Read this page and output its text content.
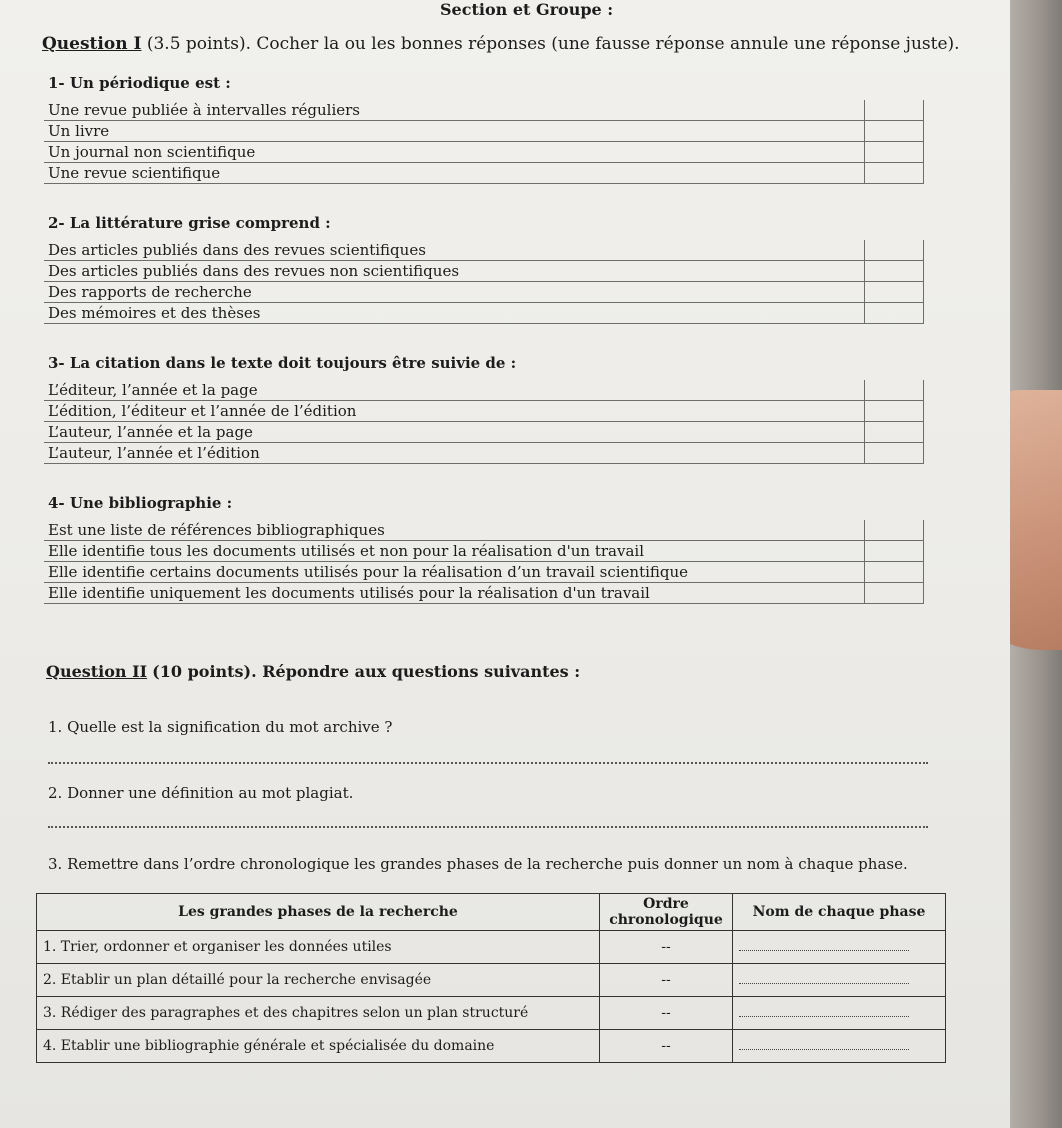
Section et Groupe :
Question I (3.5 points). Cocher la ou les bonnes réponses (une fausse réponse annule une réponse juste).
1- Un périodique est :
Une revue publiée à intervalles réguliers
Un livre
Un journal non scientifique
Une revue scientifique
2- La littérature grise comprend :
Des articles publiés dans des revues scientifiques
Des articles publiés dans des revues non scientifiques
Des rapports de recherche
Des mémoires et des thèses
3- La citation dans le texte doit toujours être suivie de :
L’éditeur, l’année et la page
L’édition, l’éditeur et l’année de l’édition
L’auteur, l’année et la page
L’auteur, l’année et l’édition
4- Une bibliographie :
Est une liste de références bibliographiques
Elle identifie tous les documents utilisés et non pour la réalisation d'un travail
Elle identifie certains documents utilisés pour la réalisation d’un travail scientifique
Elle identifie uniquement les documents utilisés pour la réalisation d'un travail
Question II (10 points). Répondre aux questions suivantes :
1. Quelle est la signification du mot archive ?
2. Donner une définition au mot plagiat.
3. Remettre dans l’ordre chronologique les grandes phases de la recherche puis donner un nom à chaque phase.
Les grandes phases de la recherche	Ordre chronologique	Nom de chaque phase
1. Trier, ordonner et organiser les données utiles	--	
2. Etablir un plan détaillé pour la recherche envisagée	--	
3. Rédiger des paragraphes et des chapitres selon un plan structuré	--	
4. Etablir une bibliographie générale et spécialisée du domaine	--	
